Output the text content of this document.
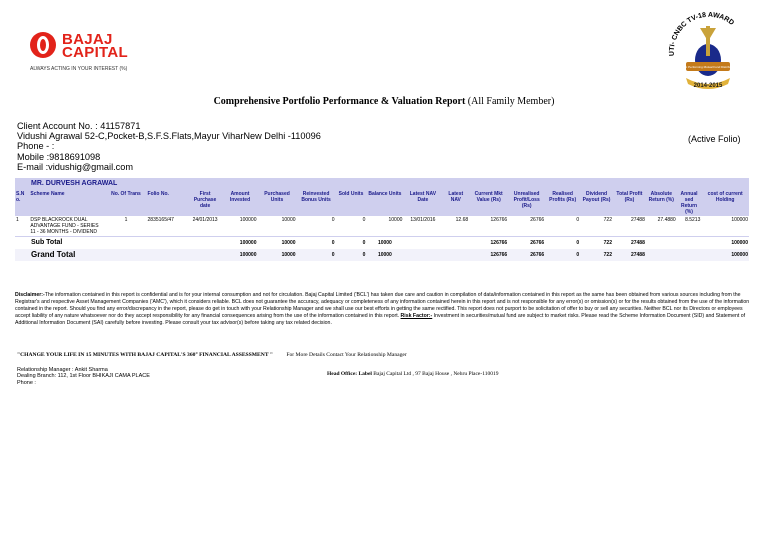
BAJAJ
CAPITAL
ALWAYS ACTING IN YOUR INTEREST (%)
UTI- CNBC TV-18 AWARD
Best Performing Mutual Fund Distributor
2014-2015
Comprehensive Portfolio Performance & Valuation Report (All Family Member)
Client Account No. : 41157871
Vidushi Agrawal 52-C,Pocket-B,S.F.S.Flats,Mayur ViharNew Delhi -110096
Phone - :
Mobile :9818691098
E-mail :vidushig@gmail.com
(Active Folio)
MR. DURVESH AGRAWAL																			
S.N o.	Scheme Name	No. Of Trans	Folio No.	First Purchase date	Amount Invested	Purchased Units	Reinvested Bonus Units	Sold Units	Balance Units	Latest NAV Date	Latest NAV	Current Mkt Value (Rs)	Unrealised Profit/Loss (Rs)	Realised Profits (Rs)	Dividend Payout (Rs)	Total Profit (Rs)	Absolute Return (%)	Annual sed Return (%)	cost of current Holding
1	DSP BLACKROCK DUAL ADVANTAGE FUND - SERIES 11 - 36 MONTHS - DIVIDEND	1	2835165/47	24/01/2013	100000	10000	0	0	10000	13/01/2016	12.68	126766	26766	0	722	27488	27.4880	8.5213	100000
Sub Total					100000	10000	0	0	10000			126766	26766	0	722	27488			100000
Grand Total					100000	10000	0	0	10000			126766	26766	0	722	27488			100000
Disclaimer:-The information contained in this report is confidential and is for your internal consumption and not for circulation. Bajaj Capital Limited ('BCL') has taken due care and caution in compilation of data/information contained in this report as the same has been obtained from various sources including from the Registrar's and respective Asset Management Companies ('AMC'), which it considers reliable. BCL does not guarantee the accuracy, adequacy or completeness of any information contained herein in this report and is not responsible for any error(s) or omission(s) or for the results obtained from the use of the information contained in the report. Should you find any error/discrepancy in the report, please do get in touch with your Relationship Manager and we shall use our best efforts in getting the same rectified. This report does not purport to be solicitation of offer to buy or sell any securities. Neither BCL nor its Directors or employees accept liability of any nature whatsoever nor do they accept responsibility for any financial consequences arising from the use of the information contained in this report. Risk Factor:- Investment in securities/mutual fund are subject to market risks. Please read the Scheme Information Document (SID) and Statement of Additional Information Document (SAI) carefully before investing. Please consult your tax advisor(s) before taking any tax related decision.
"CHANGE YOUR LIFE IN 15 MINUTES WITH BAJAJ CAPITAL'S 360° FINANCIAL ASSESSMENT " For More Details Contact Your Relationship Manager
Relationship Manager : Ankit Sharma
Dealing Branch: 112, 1st Floor BHIKAJI CAMA PLACE
Phone :
Head Office: Label Bajaj Capital Ltd , 97 Bajaj House , Nehru Place-110019
